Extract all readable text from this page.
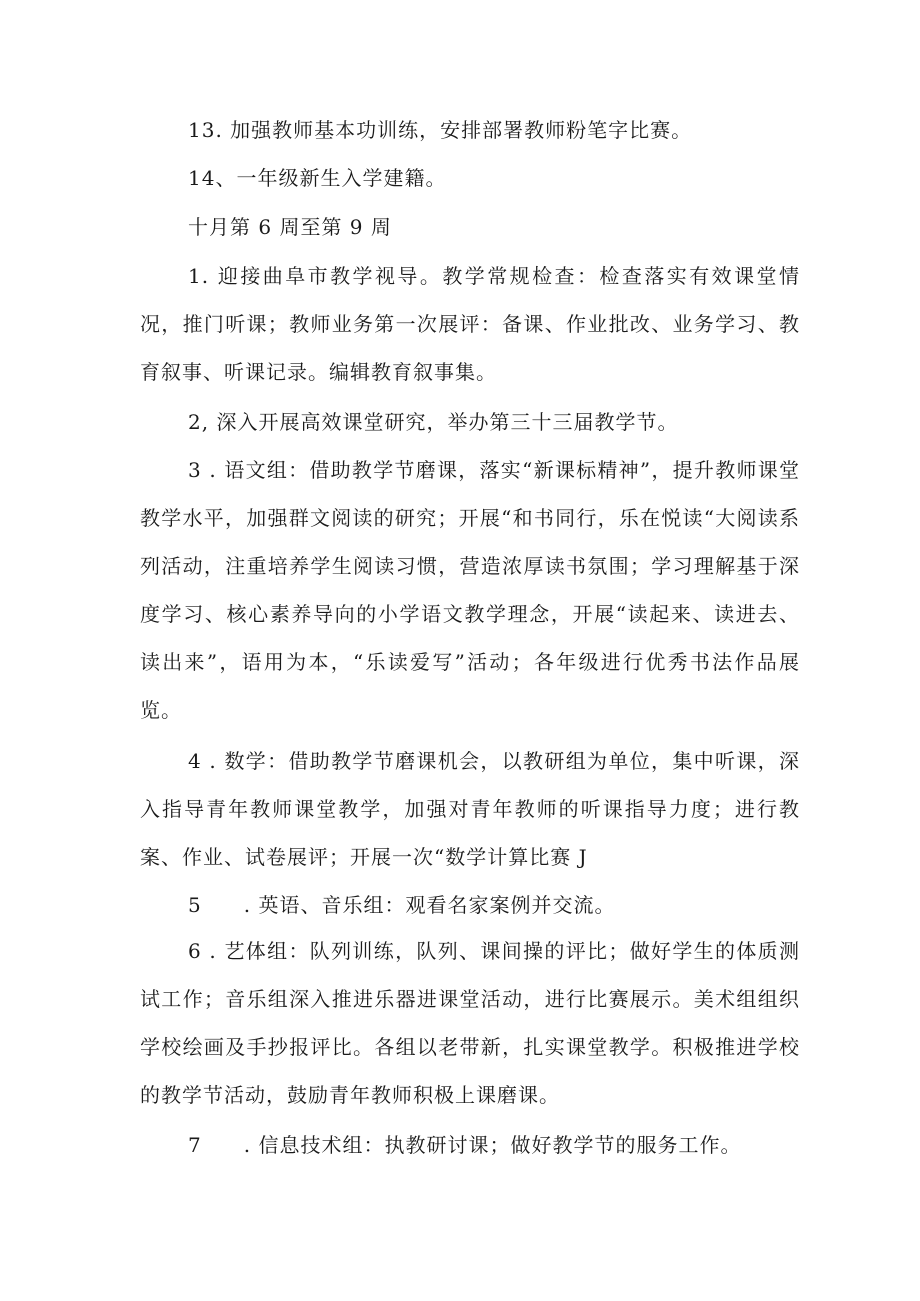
13. 加强教师基本功训练，安排部署教师粉笔字比赛。

14、一年级新生入学建籍。

十月第 6 周至第 9 周

1. 迎接曲阜市教学视导。教学常规检查：检查落实有效课堂情况，推门听课；教师业务第一次展评：备课、作业批改、业务学习、教育叙事、听课记录。编辑教育叙事集。

2, 深入开展高效课堂研究，举办第三十三届教学节。

3 . 语文组：借助教学节磨课，落实“新课标精神”，提升教师课堂教学水平，加强群文阅读的研究；开展“和书同行，乐在悦读“大阅读系列活动，注重培养学生阅读习惯，营造浓厚读书氛围；学习理解基于深度学习、核心素养导向的小学语文教学理念，开展“读起来、读进去、读出来”，语用为本，“乐读爱写”活动；各年级进行优秀书法作品展览。

4 . 数学：借助教学节磨课机会，以教研组为单位，集中听课，深入指导青年教师课堂教学，加强对青年教师的听课指导力度；进行教案、作业、试卷展评；开展一次“数学计算比赛 J

5　　. 英语、音乐组：观看名家案例并交流。

6 . 艺体组：队列训练，队列、课间操的评比；做好学生的体质测试工作；音乐组深入推进乐器进课堂活动，进行比赛展示。美术组组织学校绘画及手抄报评比。各组以老带新，扎实课堂教学。积极推进学校的教学节活动，鼓励青年教师积极上课磨课。

7　　. 信息技术组：执教研讨课；做好教学节的服务工作。
